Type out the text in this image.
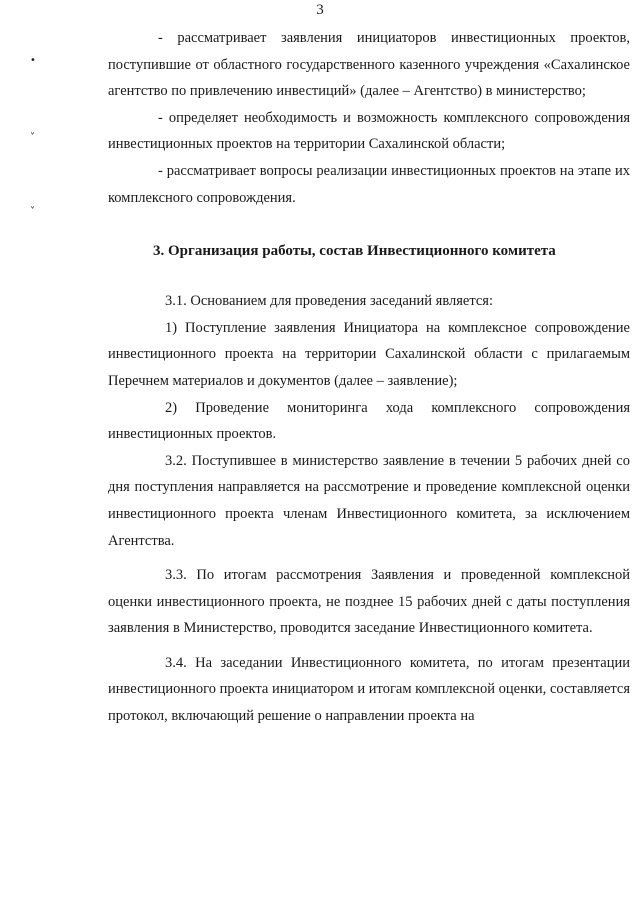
3
•
˅
˅

- рассматривает заявления инициаторов инвестиционных проектов, поступившие от областного государственного казенного учреждения «Сахалинское агентство по привлечению инвестиций» (далее – Агентство) в министерство;

- определяет необходимость и возможность комплексного сопровождения инвестиционных проектов на территории Сахалинской области;

- рассматривает вопросы реализации инвестиционных проектов на этапе их комплексного сопровождения.

3. Организация работы, состав Инвестиционного комитета

3.1. Основанием для проведения заседаний является:

1) Поступление заявления Инициатора на комплексное сопровождение инвестиционного проекта на территории Сахалинской области с прилагаемым Перечнем материалов и документов (далее – заявление);

2) Проведение мониторинга хода комплексного сопровождения инвестиционных проектов.

3.2. Поступившее в министерство заявление в течении 5 рабочих дней со дня поступления направляется на рассмотрение и проведение комплексной оценки инвестиционного проекта членам Инвестиционного комитета, за исключением Агентства.

3.3. По итогам рассмотрения Заявления и проведенной комплексной оценки инвестиционного проекта, не позднее 15 рабочих дней с даты поступления заявления в Министерство, проводится заседание Инвестиционного комитета.

3.4. На заседании Инвестиционного комитета, по итогам презентации инвестиционного проекта инициатором и итогам комплексной оценки, составляется протокол, включающий решение о направлении проекта на
